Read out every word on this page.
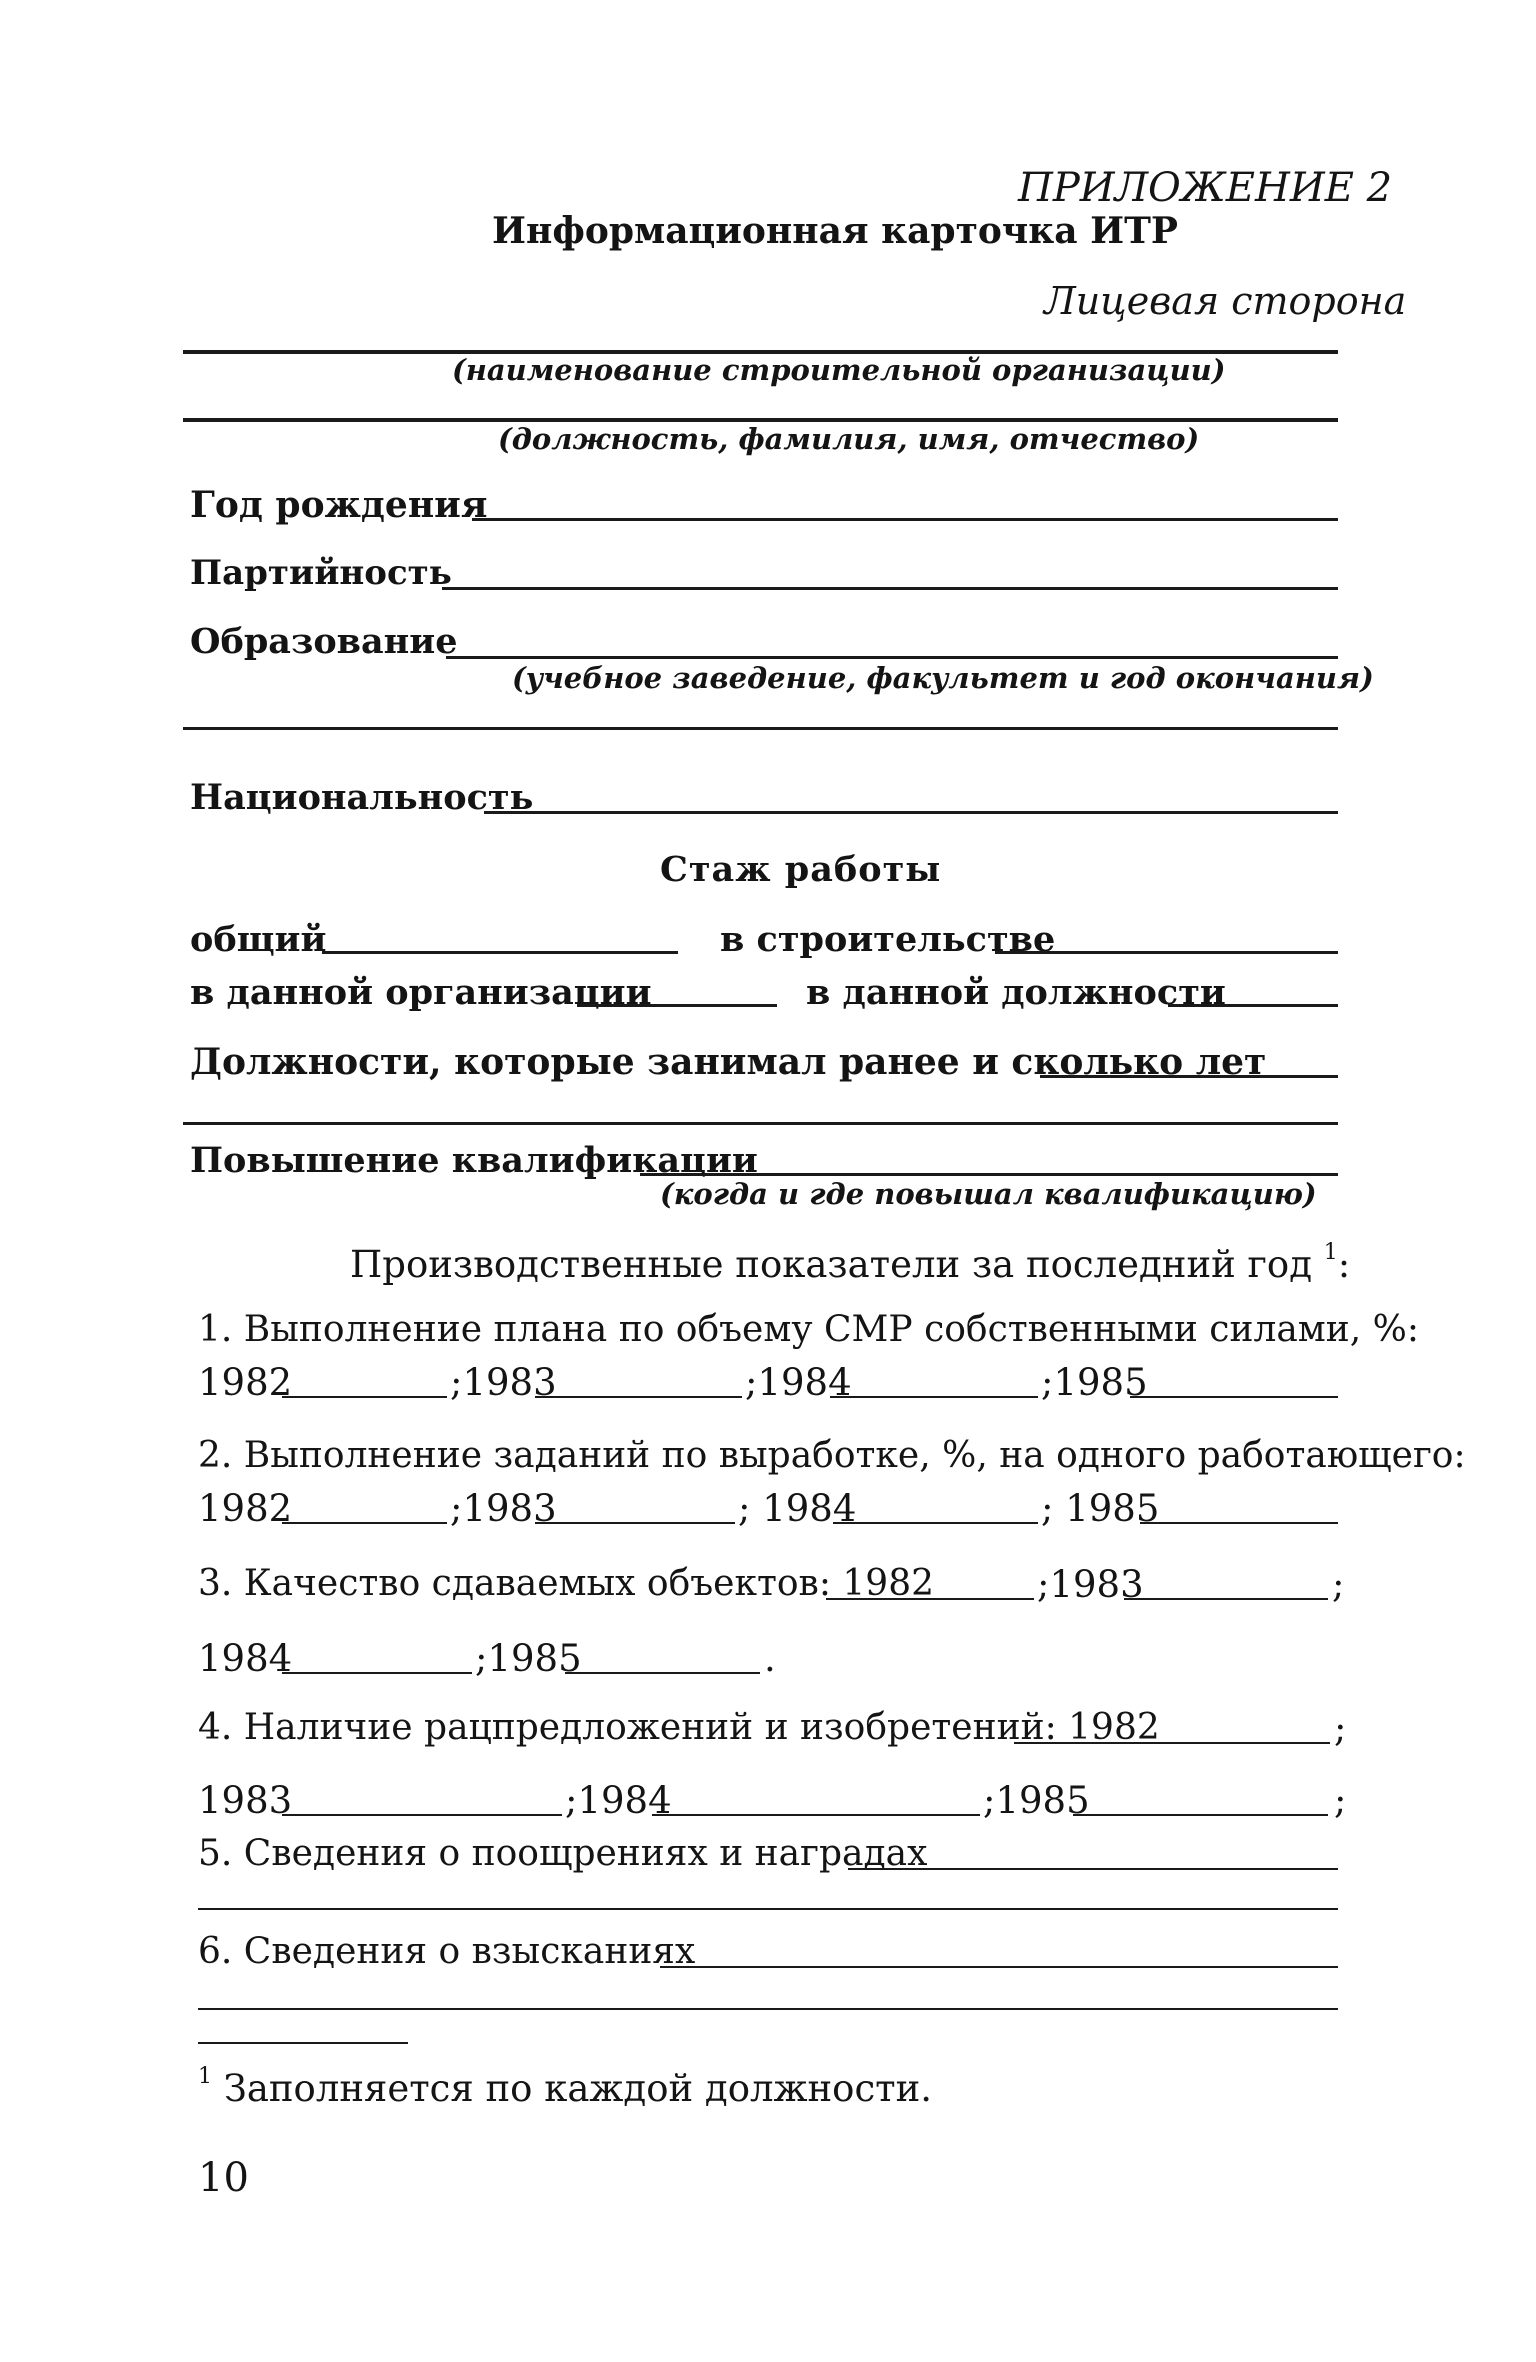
ПРИЛОЖЕНИЕ 2
Информационная карточка ИТР
Лицевая сторона
(наименование строительной организации)
(должность, фамилия, имя, отчество)
Год рождения
Партийность
Образование
(учебное заведение, факультет и год окончания)
Национальность
Стаж работы
общий	в строительстве
в данной организации	в данной должности
Должности, которые занимал ранее и сколько лет
Повышение квалификации
(когда и где повышал квалификацию)
Производственные показатели за последний год $^1$:
1. Выполнение плана по объему СМР собственными силами, %:
1982	;1983	;1984	;1985
2. Выполнение заданий по выработке, %, на одного работающего:
1982	;1983	; 1984	; 1985
3. Качество сдаваемых объектов: 1982	;1983	;
1984	;1985	.
4. Наличие рацпредложений и изобретений: 1982	;
1983	;1984	;1985	;
5. Сведения о поощрениях и наградах
6. Сведения о взысканиях
$^1$ Заполняется по каждой должности.
10
